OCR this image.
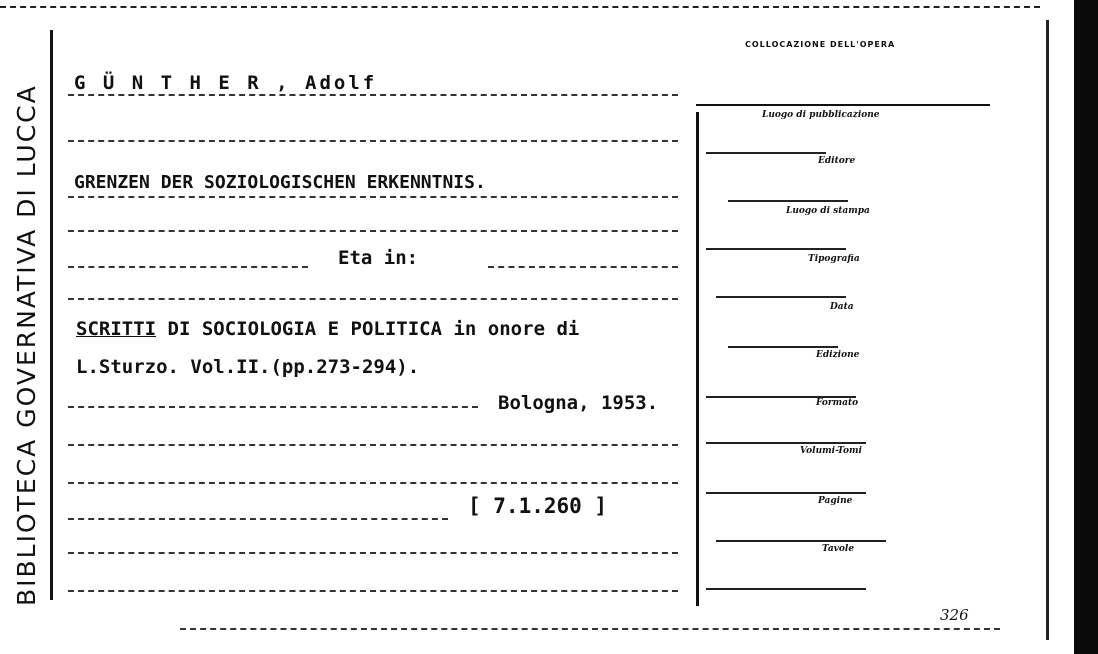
BIBLIOTECA GOVERNATIVA DI LUCCA
G Ü N T H E R , Adolf
GRENZEN DER SOZIOLOGISCHEN ERKENNTNIS.
Eta in:
SCRITTI DI SOCIOLOGIA E POLITICA in onore di
L.Sturzo. Vol.II.(pp.273-294).
Bologna, 1953.
[ 7.1.260 ]
COLLOCAZIONE DELL'OPERA
Luogo di pubblicazione
Editore
Luogo di stampa
Tipografia
Data
Edizione
Formato
Volumi-Tomi
Pagine
Tavole
326
